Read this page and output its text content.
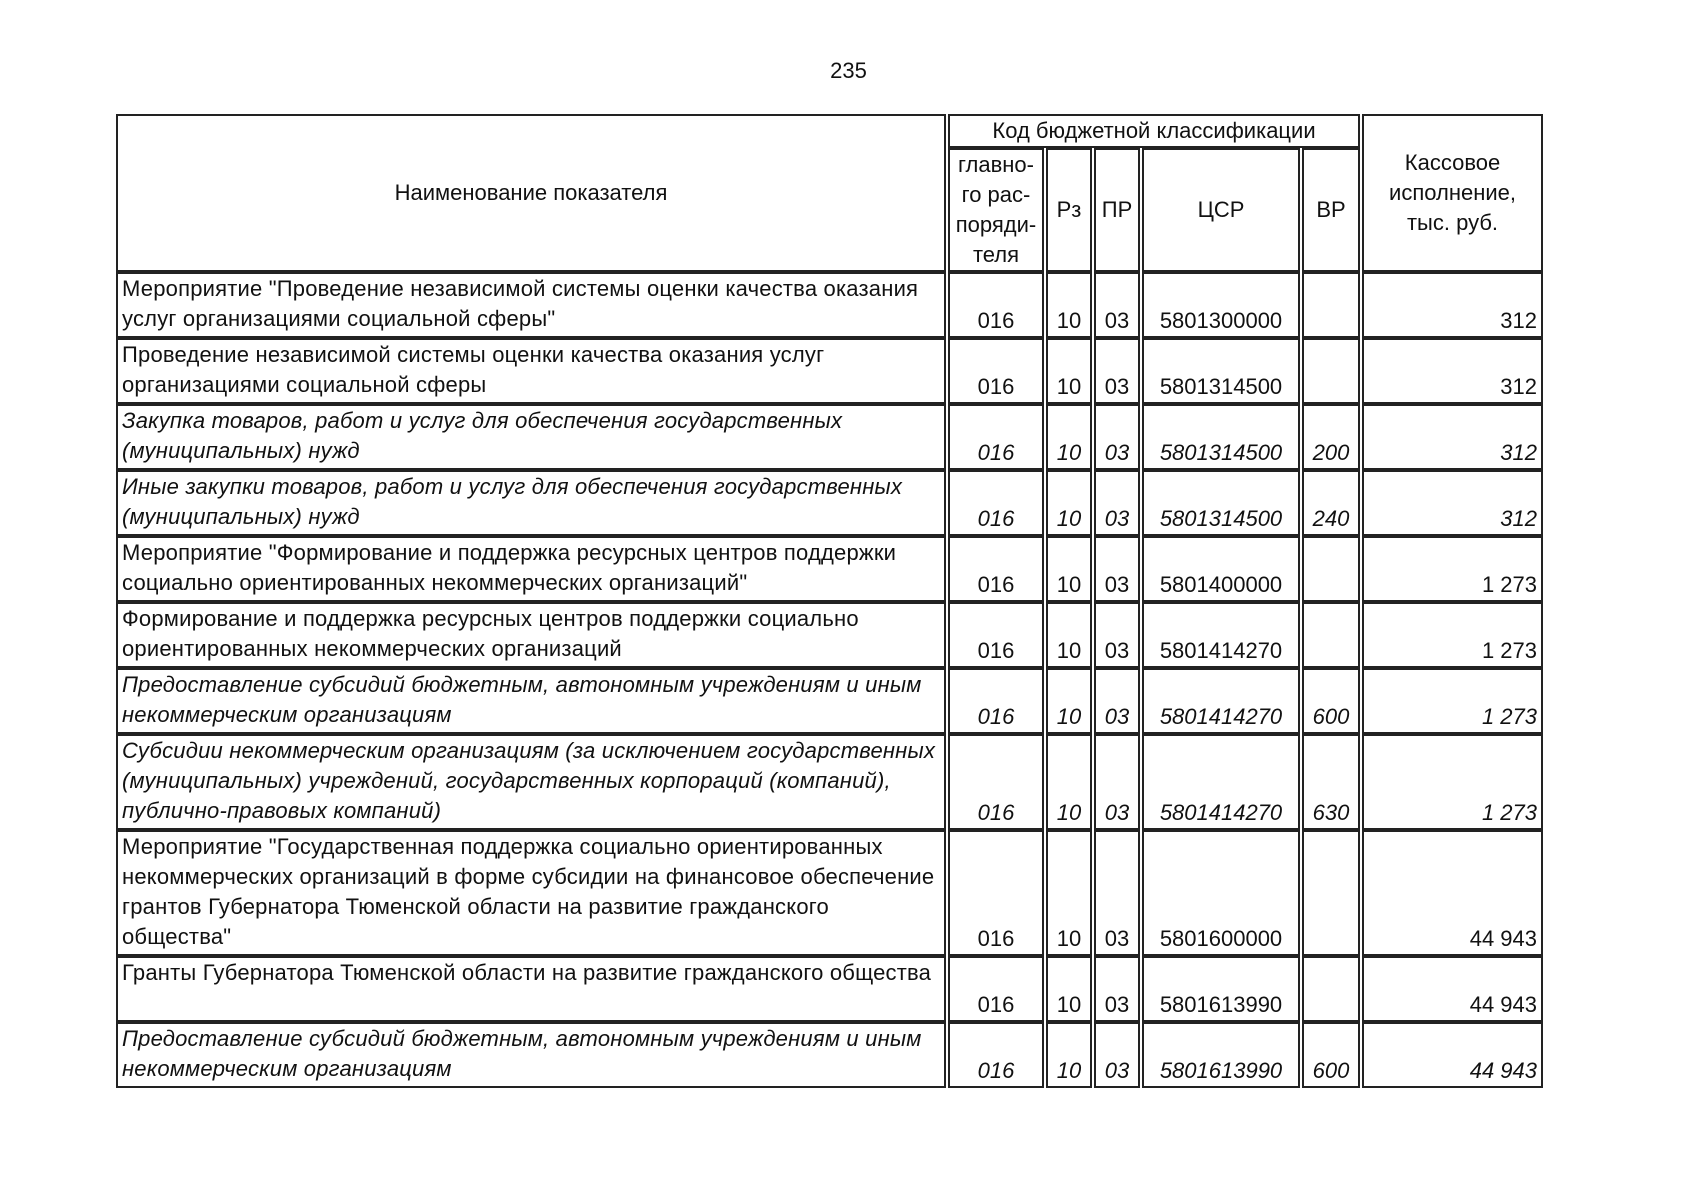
235
Наименование показателя	Код бюджетной классификации					Кассовое исполнение, тыс. руб.
	главно-го рас-поряди-теля	Рз	ПР	ЦСР	ВР	
Мероприятие "Проведение независимой системы оценки качества оказания услуг организациями социальной сферы"	016	10	03	5801300000		312
Проведение независимой системы оценки качества оказания услуг организациями социальной сферы	016	10	03	5801314500		312
Закупка товаров, работ и услуг для обеспечения государственных (муниципальных) нужд	016	10	03	5801314500	200	312
Иные закупки товаров, работ и услуг для обеспечения государственных (муниципальных) нужд	016	10	03	5801314500	240	312
Мероприятие "Формирование и поддержка ресурсных центров поддержки социально ориентированных некоммерческих организаций"	016	10	03	5801400000		1 273
Формирование и поддержка ресурсных центров поддержки социально ориентированных некоммерческих организаций	016	10	03	5801414270		1 273
Предоставление субсидий бюджетным, автономным учреждениям и иным некоммерческим организациям	016	10	03	5801414270	600	1 273
Субсидии некоммерческим организациям (за исключением государственных (муниципальных) учреждений, государственных корпораций (компаний), публично-правовых компаний)	016	10	03	5801414270	630	1 273
Мероприятие "Государственная поддержка социально ориентированных некоммерческих организаций в форме субсидии на финансовое обеспечение грантов Губернатора Тюменской области на развитие гражданского общества"	016	10	03	5801600000		44 943
Гранты Губернатора Тюменской области на развитие гражданского общества	016	10	03	5801613990		44 943
Предоставление субсидий бюджетным, автономным учреждениям и иным некоммерческим организациям	016	10	03	5801613990	600	44 943
